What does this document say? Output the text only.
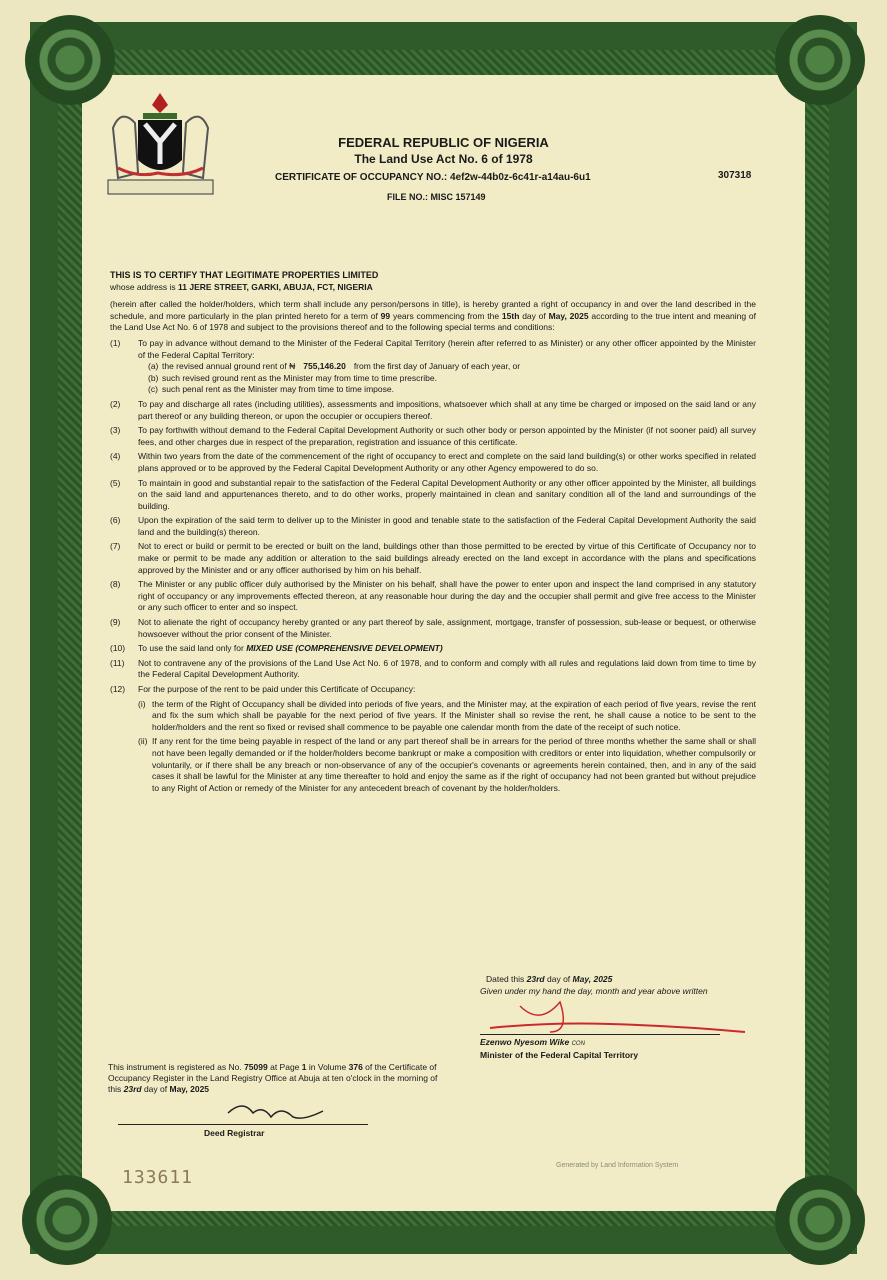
FEDERAL REPUBLIC OF NIGERIA
The Land Use Act No. 6 of 1978
CERTIFICATE OF OCCUPANCY NO.: 4ef2w-44b0z-6c41r-a14au-6u1	307318
FILE NO.: MISC 157149
THIS IS TO CERTIFY THAT LEGITIMATE PROPERTIES LIMITED
whose address is 11 JERE STREET, GARKI, ABUJA, FCT, NIGERIA
(herein after called the holder/holders, which term shall include any person/persons in title), is hereby granted a right of occupancy in and over the land described in the schedule, and more particularly in the plan printed hereto for a term of 99 years commencing from the 15th day of May, 2025 according to the true intent and meaning of the Land Use Act No. 6 of 1978 and subject to the provisions thereof and to the following special terms and conditions:
(1)	To pay in advance without demand to the Minister of the Federal Capital Territory (herein after referred to as Minister) or any other officer appointed by the Minister of the Federal Capital Territory:
(a) the revised annual ground rent of ₦ 755,146.20 from the first day of January of each year, or
(b) such revised ground rent as the Minister may from time to time prescribe.
(c) such penal rent as the Minister may from time to time impose.
(2)	To pay and discharge all rates (including utilities), assessments and impositions, whatsoever which shall at any time be charged or imposed on the said land or any part thereof or any building thereon, or upon the occupier or occupiers thereof.
(3)	To pay forthwith without demand to the Federal Capital Development Authority or such other body or person appointed by the Minister (if not sooner paid) all survey fees, and other charges due in respect of the preparation, registration and issuance of this certificate.
(4)	Within two years from the date of the commencement of the right of occupancy to erect and complete on the said land building(s) or other works specified in related plans approved or to be approved by the Federal Capital Development Authority or any other Agency empowered to do so.
(5)	To maintain in good and substantial repair to the satisfaction of the Federal Capital Development Authority or any other officer appointed by the Minister, all buildings on the said land and appurtenances thereto, and to do other works, properly maintained in clean and sanitary condition all of the land and surroundings of the building.
(6)	Upon the expiration of the said term to deliver up to the Minister in good and tenable state to the satisfaction of the Federal Capital Development Authority the said land and the building(s) thereon.
(7)	Not to erect or build or permit to be erected or built on the land, buildings other than those permitted to be erected by virtue of this Certificate of Occupancy nor to make or permit to be made any addition or alteration to the said buildings already erected on the land except in accordance with the plans and specifications approved by the Minister and or any officer authorised by him on his behalf.
(8)	The Minister or any public officer duly authorised by the Minister on his behalf, shall have the power to enter upon and inspect the land comprised in any statutory right of occupancy or any improvements effected thereon, at any reasonable hour during the day and the occupier shall permit and give free access to the Minister or any such officer to enter and so inspect.
(9)	Not to alienate the right of occupancy hereby granted or any part thereof by sale, assignment, mortgage, transfer of possession, sub-lease or bequest, or otherwise howsoever without the prior consent of the Minister.
(10)	To use the said land only for MIXED USE (COMPREHENSIVE DEVELOPMENT)
(11)	Not to contravene any of the provisions of the Land Use Act No. 6 of 1978, and to conform and comply with all rules and regulations laid down from time to time by the Federal Capital Development Authority.
(12)	For the purpose of the rent to be paid under this Certificate of Occupancy:
(i) the term of the Right of Occupancy shall be divided into periods of five years, and the Minister may, at the expiration of each period of five years, revise the rent and fix the sum which shall be payable for the next period of five years. If the Minister shall so revise the rent, he shall cause a notice to be sent to the holder/holders and the rent so fixed or revised shall commence to be payable one calendar month from the date of the receipt of such notice.
(ii) If any rent for the time being payable in respect of the land or any part thereof shall be in arrears for the period of three months whether the same shall or shall not have been legally demanded or if the holder/holders become bankrupt or make a composition with creditors or enter into liquidation, whether compulsorily or voluntarily, or if there shall be any breach or non-observance of any of the occupier's covenants or agreements herein contained, then, and in any of the said cases it shall be lawful for the Minister at any time thereafter to hold and enjoy the same as if the right of occupancy had not been granted but without prejudice to any Right of Action or remedy of the Minister for any antecedent breach of covenant by the holder/holders.
Dated this 23rd day of May, 2025
Given under my hand the day, month and year above written
Ezenwo Nyesom Wike CON
Minister of the Federal Capital Territory
This instrument is registered as No. 75099 at Page 1 in Volume 376 of the Certificate of Occupancy Register in the Land Registry Office at Abuja at ten o'clock in the morning of this 23rd day of May, 2025
Deed Registrar
133611
Generated by Land Information System
